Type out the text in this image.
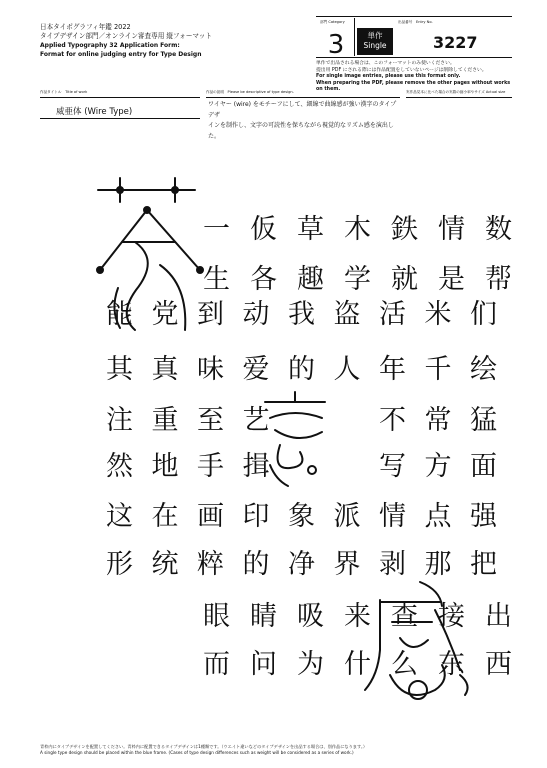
日本タイポグラフィ年鑑 2022
タイプデザイン部門／オンライン審査専用 縦フォーマット
Applied Typography 32 Application Form:
Format for online judging entry for Type Design
部門 Category
3	単作
Single
出品番号　Entry No.
3227
単作で出品される場合は、このフォーマットのみ使いください。
提出用 PDF にされる際には作品配置をしていないページは削除してください。
For single image entries, please use this format only.
When preparing the PDF, please remove the other pages without works on them.
作品タイトル　Title of work	作品の説明　Please be descriptive of type design.	実作品見本に比べた場合の実際の縮小率やサイズ Actual size
威亜体 (Wire Type)
ワイヤー (wire) をモチーフにして、細線で曲線感が強い漢字のタイプデザ
インを制作し、文字の可読性を保ちながら視覚的なリズム感を演出した。
一 仮 草 木 鉄 情 数
生 各 趣 学 就 是 帮
能 党 到 动 我 盗 活 米 们
其 真 味 爱 的 人 年 千 绘
注 重 至 艺	不 常 猛
然 地 手 揖	写 方 面
这 在 画 印 象 派 情 点 强
形 统 粹 的 净 界 剥 那 把
眼 睛 吸 来 查 接 出
而 问 为 什 么 东 西
青枠内にタイプデザインを配置してください。青枠内に配置できるタイプデザインは1種類です。（ウエイト違いなどのタイプデザインを出品する場合は、別作品になります。）
A single type design should be placed within the blue frame. (Cases of type design differences such as weight will be considered as a series of work.)
